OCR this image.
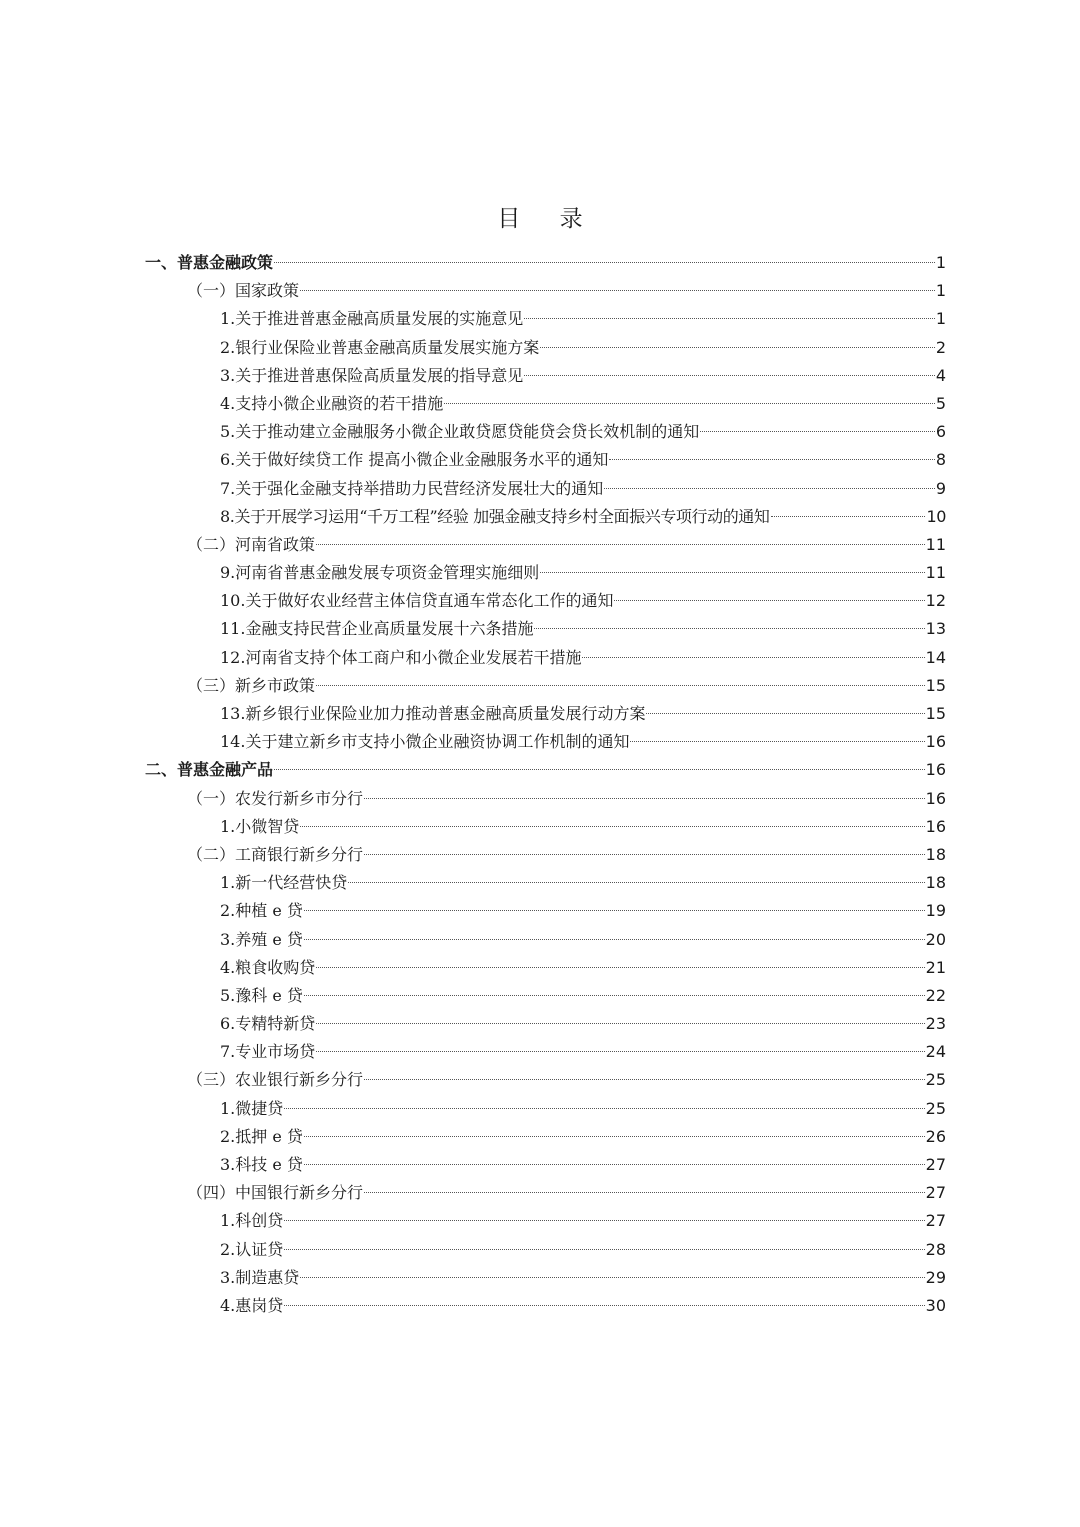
目 录
一、普惠金融政策	1
（一）国家政策	1
1.关于推进普惠金融高质量发展的实施意见	1
2.银行业保险业普惠金融高质量发展实施方案	2
3.关于推进普惠保险高质量发展的指导意见	4
4.支持小微企业融资的若干措施	5
5.关于推动建立金融服务小微企业敢贷愿贷能贷会贷长效机制的通知	6
6.关于做好续贷工作 提高小微企业金融服务水平的通知	8
7.关于强化金融支持举措助力民营经济发展壮大的通知	9
8.关于开展学习运用“千万工程”经验 加强金融支持乡村全面振兴专项行动的通知	10
（二）河南省政策	11
9.河南省普惠金融发展专项资金管理实施细则	11
10.关于做好农业经营主体信贷直通车常态化工作的通知	12
11.金融支持民营企业高质量发展十六条措施	13
12.河南省支持个体工商户和小微企业发展若干措施	14
（三）新乡市政策	15
13.新乡银行业保险业加力推动普惠金融高质量发展行动方案	15
14.关于建立新乡市支持小微企业融资协调工作机制的通知	16
二、普惠金融产品	16
（一）农发行新乡市分行	16
1.小微智贷	16
（二）工商银行新乡分行	18
1.新一代经营快贷	18
2.种植 e 贷	19
3.养殖 e 贷	20
4.粮食收购贷	21
5.豫科 e 贷	22
6.专精特新贷	23
7.专业市场贷	24
（三）农业银行新乡分行	25
1.微捷贷	25
2.抵押 e 贷	26
3.科技 e 贷	27
（四）中国银行新乡分行	27
1.科创贷	27
2.认证贷	28
3.制造惠贷	29
4.惠岗贷	30
